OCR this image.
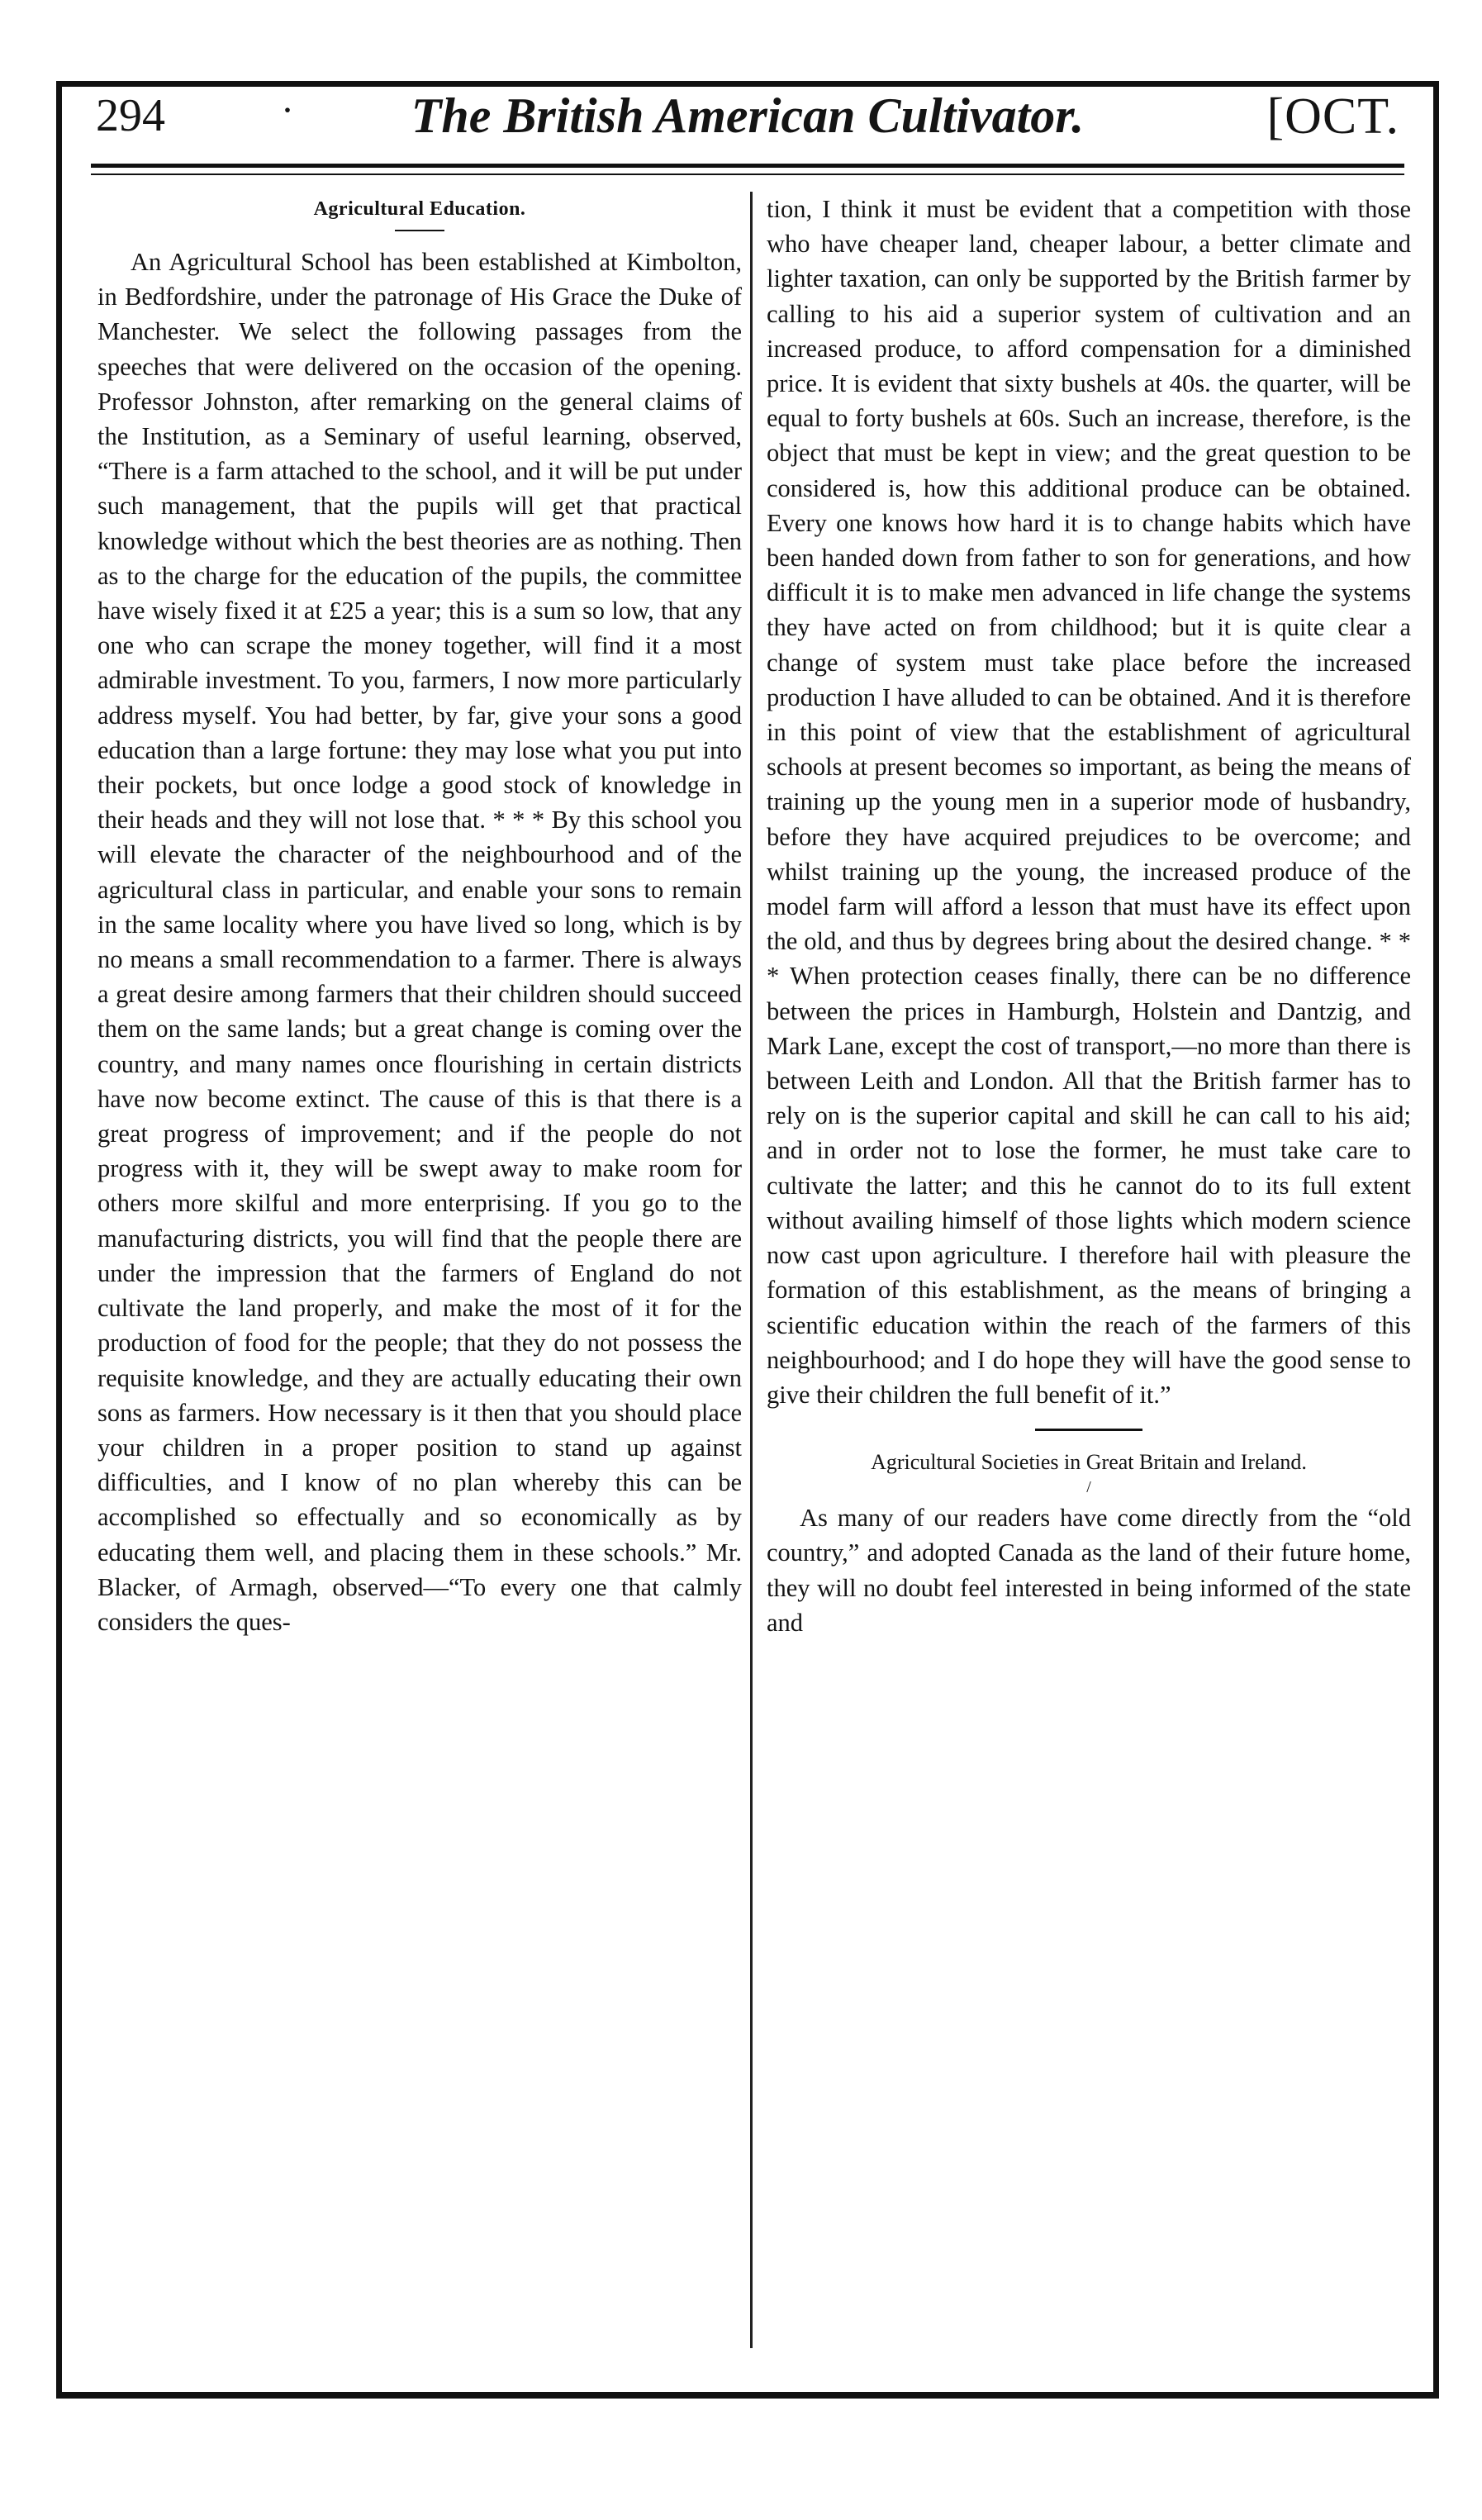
294	·	The British American Cultivator.	[OCT.
Agricultural Education.

An Agricultural School has been established at Kimbolton, in Bedfordshire, under the patronage of His Grace the Duke of Manchester. We select the following passages from the speeches that were delivered on the occasion of the opening. Professor Johnston, after remarking on the general claims of the Institution, as a Seminary of useful learning, observed, “There is a farm attached to the school, and it will be put under such management, that the pupils will get that practical knowledge without which the best theories are as nothing. Then as to the charge for the education of the pupils, the committee have wisely fixed it at £25 a year; this is a sum so low, that any one who can scrape the money together, will find it a most admirable investment. To you, farmers, I now more particularly address myself. You had better, by far, give your sons a good education than a large fortune: they may lose what you put into their pockets, but once lodge a good stock of knowledge in their heads and they will not lose that. * * * By this school you will elevate the character of the neighbourhood and of the agricultural class in particular, and enable your sons to remain in the same locality where you have lived so long, which is by no means a small recommendation to a farmer. There is always a great desire among farmers that their children should succeed them on the same lands; but a great change is coming over the country, and many names once flourishing in certain districts have now become extinct. The cause of this is that there is a great progress of improvement; and if the people do not progress with it, they will be swept away to make room for others more skilful and more enterprising. If you go to the manufacturing districts, you will find that the people there are under the impression that the farmers of England do not cultivate the land properly, and make the most of it for the production of food for the people; that they do not possess the requisite knowledge, and they are actually educating their own sons as farmers. How necessary is it then that you should place your children in a proper position to stand up against difficulties, and I know of no plan whereby this can be accomplished so effectually and so economically as by educating them well, and placing them in these schools.” Mr. Blacker, of Armagh, observed—“To every one that calmly considers the ques-

tion, I think it must be evident that a competition with those who have cheaper land, cheaper labour, a better climate and lighter taxation, can only be supported by the British farmer by calling to his aid a superior system of cultivation and an increased produce, to afford compensation for a diminished price. It is evident that sixty bushels at 40s. the quarter, will be equal to forty bushels at 60s. Such an increase, therefore, is the object that must be kept in view; and the great question to be considered is, how this additional produce can be obtained. Every one knows how hard it is to change habits which have been handed down from father to son for generations, and how difficult it is to make men advanced in life change the systems they have acted on from childhood; but it is quite clear a change of system must take place before the increased production I have alluded to can be obtained. And it is therefore in this point of view that the establishment of agricultural schools at present becomes so important, as being the means of training up the young men in a superior mode of husbandry, before they have acquired prejudices to be overcome; and whilst training up the young, the increased produce of the model farm will afford a lesson that must have its effect upon the old, and thus by degrees bring about the desired change. * * * When protection ceases finally, there can be no difference between the prices in Hamburgh, Holstein and Dantzig, and Mark Lane, except the cost of transport,—no more than there is between Leith and London. All that the British farmer has to rely on is the superior capital and skill he can call to his aid; and in order not to lose the former, he must take care to cultivate the latter; and this he cannot do to its full extent without availing himself of those lights which modern science now cast upon agriculture. I therefore hail with pleasure the formation of this establishment, as the means of bringing a scientific education within the reach of the farmers of this neighbourhood; and I do hope they will have the good sense to give their children the full benefit of it.”

Agricultural Societies in Great Britain and Ireland.
/

As many of our readers have come directly from the “old country,” and adopted Canada as the land of their future home, they will no doubt feel interested in being informed of the state and
